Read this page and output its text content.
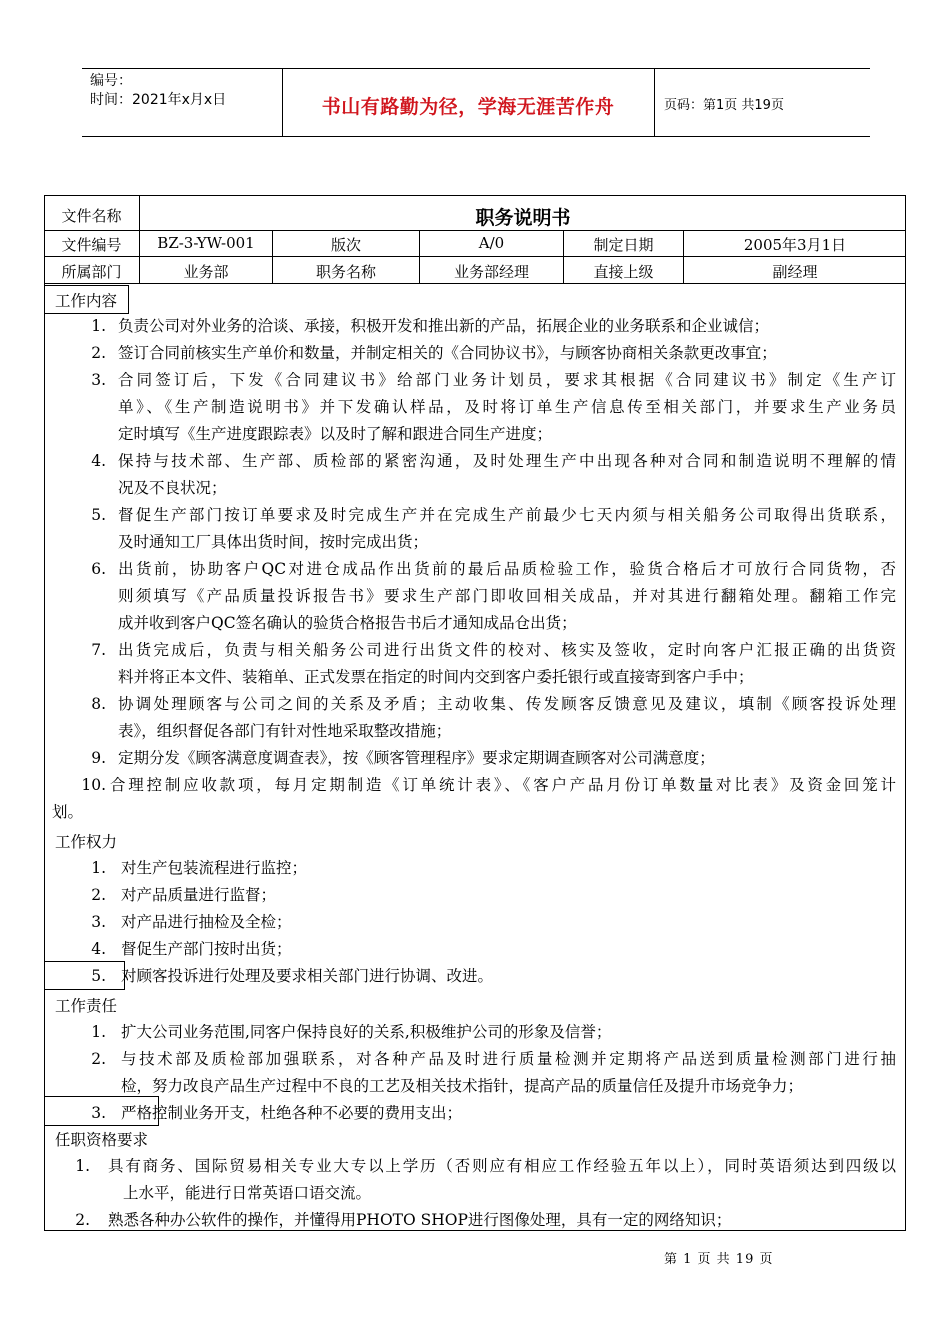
编号：
时间：2021年x月x日	书山有路勤为径，学海无涯苦作舟	页码：第1页 共19页
文件名称	职务说明书
文件编号	BZ-3-YW-001	版次	A/0	制定日期	2005年3月1日
所属部门	业务部	职务名称	业务部经理	直接上级	副经理
工作内容
1. 负责公司对外业务的洽谈、承接，积极开发和推出新的产品，拓展企业的业务联系和企业诚信；
2. 签订合同前核实生产单价和数量，并制定相关的《合同协议书》，与顾客协商相关条款更改事宜；
3. 合同签订后，下发《合同建议书》给部门业务计划员，要求其根据《合同建议书》制定《生产订
单》、《生产制造说明书》并下发确认样品，及时将订单生产信息传至相关部门，并要求生产业务员
定时填写《生产进度跟踪表》以及时了解和跟进合同生产进度；
4. 保持与技术部、生产部、质检部的紧密沟通，及时处理生产中出现各种对合同和制造说明不理解的情
况及不良状况；
5. 督促生产部门按订单要求及时完成生产并在完成生产前最少七天内须与相关船务公司取得出货联系，
及时通知工厂具体出货时间，按时完成出货；
6. 出货前，协助客户QC对进仓成品作出货前的最后品质检验工作，验货合格后才可放行合同货物，否
则须填写《产品质量投诉报告书》要求生产部门即收回相关成品，并对其进行翻箱处理。翻箱工作完
成并收到客户QC签名确认的验货合格报告书后才通知成品仓出货；
7. 出货完成后，负责与相关船务公司进行出货文件的校对、核实及签收，定时向客户汇报正确的出货资
料并将正本文件、装箱单、正式发票在指定的时间内交到客户委托银行或直接寄到客户手中；
8. 协调处理顾客与公司之间的关系及矛盾；主动收集、传发顾客反馈意见及建议，填制《顾客投诉处理
表》，组织督促各部门有针对性地采取整改措施；
9. 定期分发《顾客满意度调查表》，按《顾客管理程序》要求定期调查顾客对公司满意度；
10. 合理控制应收款项，每月定期制造《订单统计表》、《客户产品月份订单数量对比表》及资金回笼计
划。
工作权力
1. 对生产包装流程进行监控；
2. 对产品质量进行监督；
3. 对产品进行抽检及全检；
4. 督促生产部门按时出货；
5. 对顾客投诉进行处理及要求相关部门进行协调、改进。
工作责任
1. 扩大公司业务范围,同客户保持良好的关系,积极维护公司的形象及信誉；
2. 与技术部及质检部加强联系，对各种产品及时进行质量检测并定期将产品送到质量检测部门进行抽
检，努力改良产品生产过程中不良的工艺及相关技术指针，提高产品的质量信任及提升市场竞争力；
3. 严格控制业务开支，杜绝各种不必要的费用支出；
任职资格要求
1. 具有商务、国际贸易相关专业大专以上学历（否则应有相应工作经验五年以上），同时英语须达到四级以
上水平，能进行日常英语口语交流。
2. 熟悉各种办公软件的操作，并懂得用PHOTO SHOP进行图像处理，具有一定的网络知识；
第 1 页 共 19 页
